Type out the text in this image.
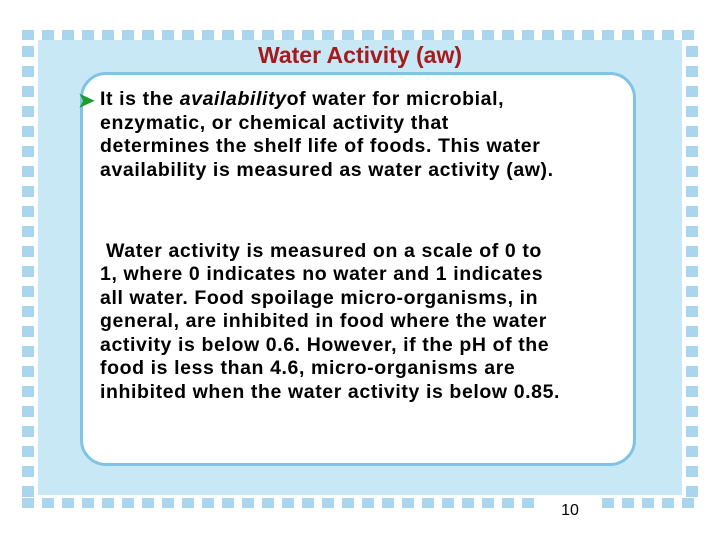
Water Activity (aw)
➤ It is the availabilityof water for microbial,
enzymatic, or chemical activity that
determines the shelf life of foods. This water
availability is measured as water activity (aw).

Water activity is measured on a scale of 0 to
1, where 0 indicates no water and 1 indicates
all water. Food spoilage micro-organisms, in
general, are inhibited in food where the water
activity is below 0.6. However, if the pH of the
food is less than 4.6, micro-organisms are
inhibited when the water activity is below 0.85.

10
